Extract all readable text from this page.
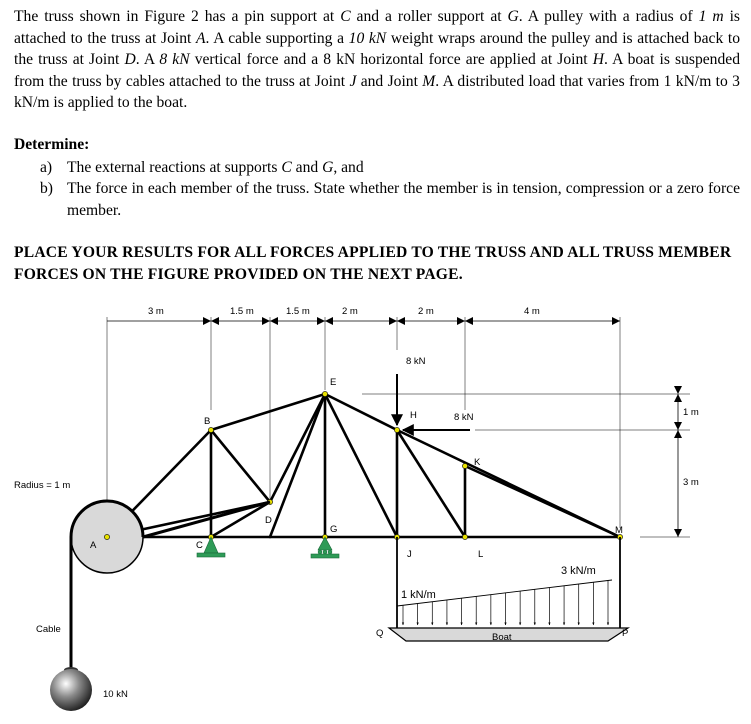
The truss shown in Figure 2 has a pin support at C and a roller support at G. A pulley with a radius of 1 m is attached to the truss at Joint A. A cable supporting a 10 kN weight wraps around the pulley and is attached back to the truss at Joint D. A 8 kN vertical force and a 8 kN horizontal force are applied at Joint H. A boat is suspended from the truss by cables attached to the truss at Joint J and Joint M. A distributed load that varies from 1 kN/m to 3 kN/m is applied to the boat.
Determine:
a) The external reactions at supports C and G, and
b) The force in each member of the truss. State whether the member is in tension, compression or a zero force member.
PLACE YOUR RESULTS FOR ALL FORCES APPLIED TO THE TRUSS AND ALL TRUSS MEMBER FORCES ON THE FIGURE PROVIDED ON THE NEXT PAGE.
3 m	1.5 m	1.5 m	2 m	2 m	4 m
1 m
3 m
A
B
C
D
E
G
H
J
K
L
M
P
Q
8 kN
8 kN
Radius = 1 m
Cable
10 kN
1 kN/m
3 kN/m
Boat
